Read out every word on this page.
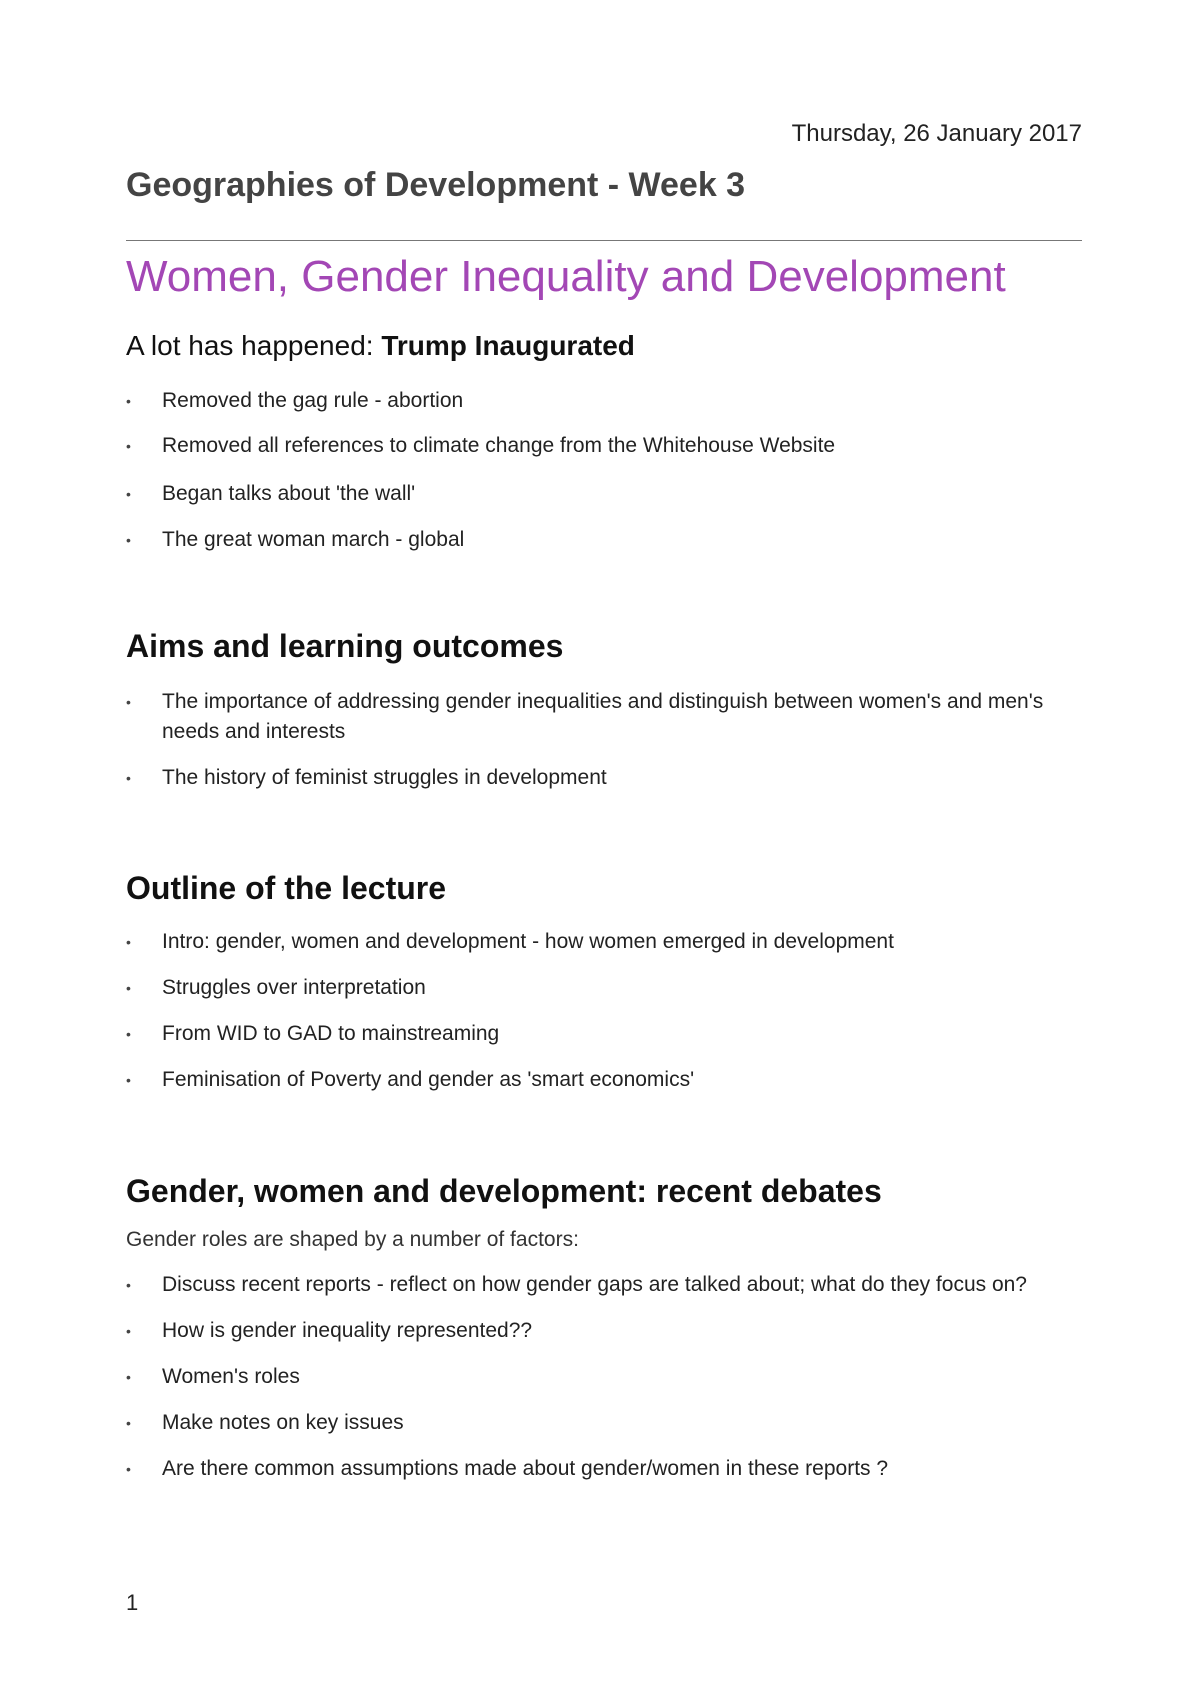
Thursday, 26 January 2017
Geographies of Development - Week 3
Women, Gender Inequality and Development
A lot has happened: Trump Inaugurated
• Removed the gag rule - abortion
• Removed all references to climate change from the Whitehouse Website
• Began talks about 'the wall'
• The great woman march - global
Aims and learning outcomes
• The importance of addressing gender inequalities and distinguish between women's and men's needs and interests
• The history of feminist struggles in development
Outline of the lecture
• Intro: gender, women and development - how women emerged in development
• Struggles over interpretation
• From WID to GAD to mainstreaming
• Feminisation of Poverty and gender as 'smart economics'
Gender, women and development: recent debates

Gender roles are shaped by a number of factors:

• Discuss recent reports - reflect on how gender gaps are talked about; what do they focus on?
• How is gender inequality represented??
• Women's roles
• Make notes on key issues
• Are there common assumptions made about gender/women in these reports ?
1
